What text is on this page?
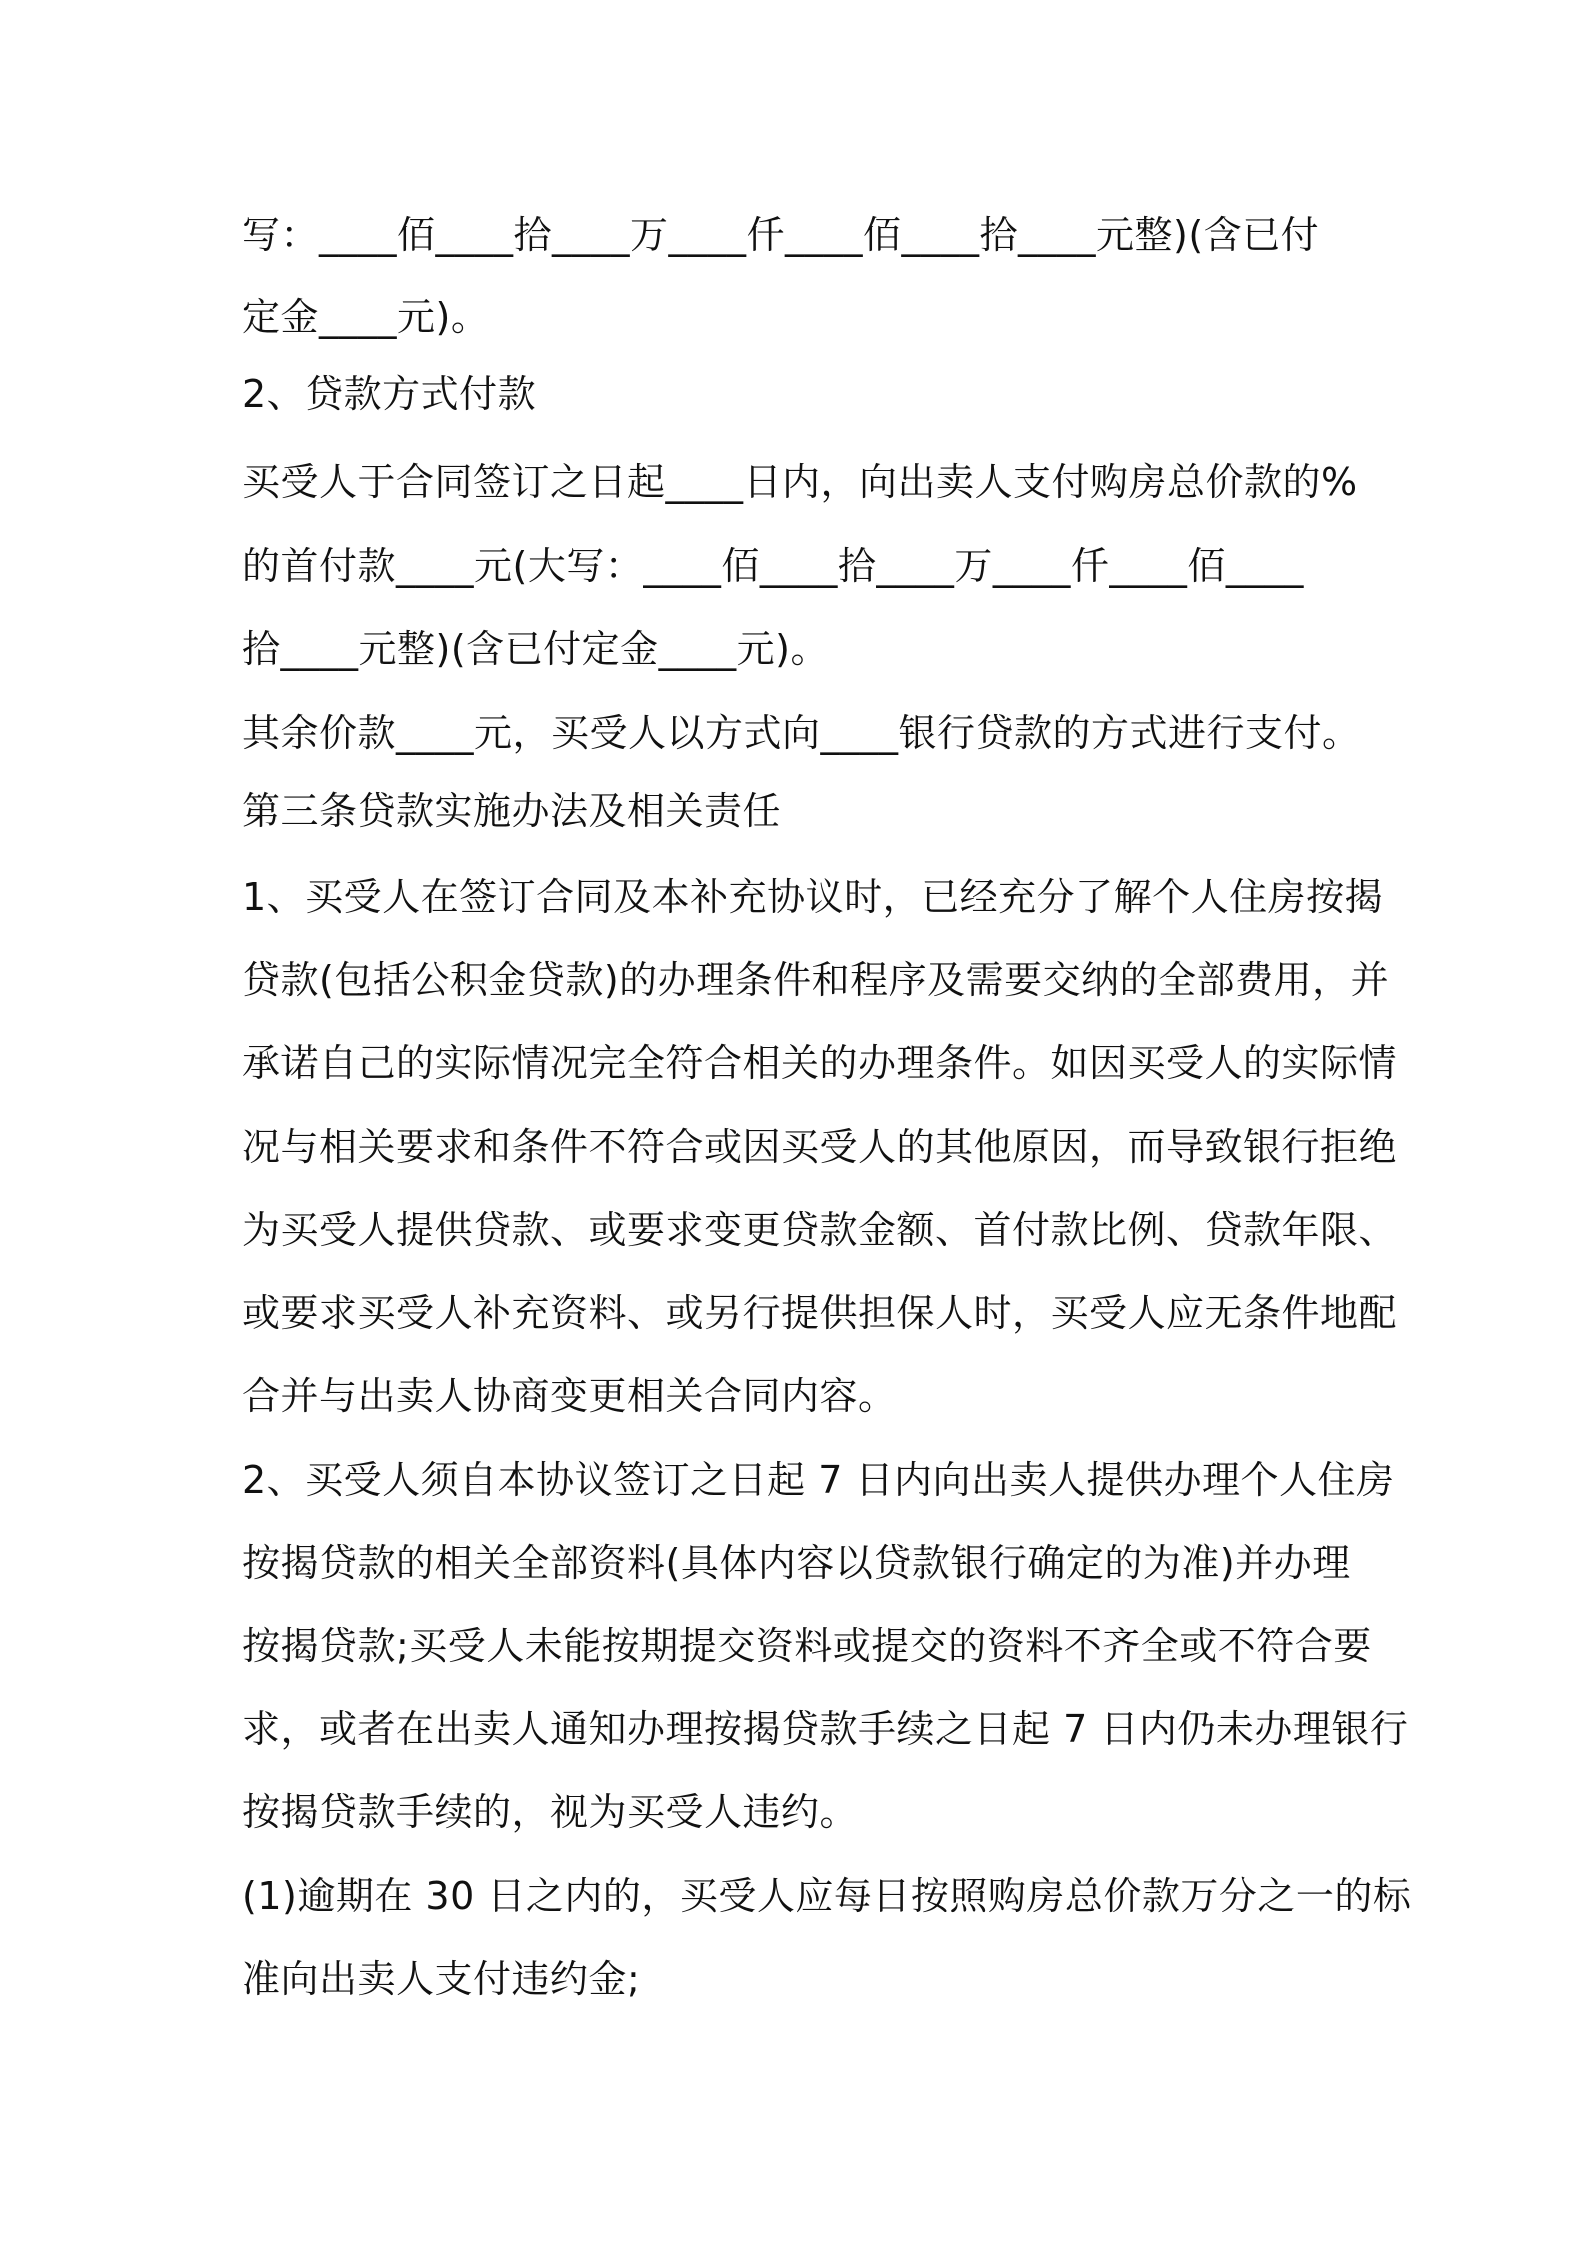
写：____佰____拾____万____仟____佰____拾____元整)(含已付
定金____元)。
2、贷款方式付款
买受人于合同签订之日起____日内，向出卖人支付购房总价款的%
的首付款____元(大写：____佰____拾____万____仟____佰____
拾____元整)(含已付定金____元)。
其余价款____元，买受人以方式向____银行贷款的方式进行支付。
第三条贷款实施办法及相关责任
1、买受人在签订合同及本补充协议时，已经充分了解个人住房按揭
贷款(包括公积金贷款)的办理条件和程序及需要交纳的全部费用，并
承诺自己的实际情况完全符合相关的办理条件。如因买受人的实际情
况与相关要求和条件不符合或因买受人的其他原因，而导致银行拒绝
为买受人提供贷款、或要求变更贷款金额、首付款比例、贷款年限、
或要求买受人补充资料、或另行提供担保人时，买受人应无条件地配
合并与出卖人协商变更相关合同内容。
2、买受人须自本协议签订之日起 7 日内向出卖人提供办理个人住房
按揭贷款的相关全部资料(具体内容以贷款银行确定的为准)并办理
按揭贷款;买受人未能按期提交资料或提交的资料不齐全或不符合要
求，或者在出卖人通知办理按揭贷款手续之日起 7 日内仍未办理银行
按揭贷款手续的，视为买受人违约。
(1)逾期在 30 日之内的，买受人应每日按照购房总价款万分之一的标
准向出卖人支付违约金;
